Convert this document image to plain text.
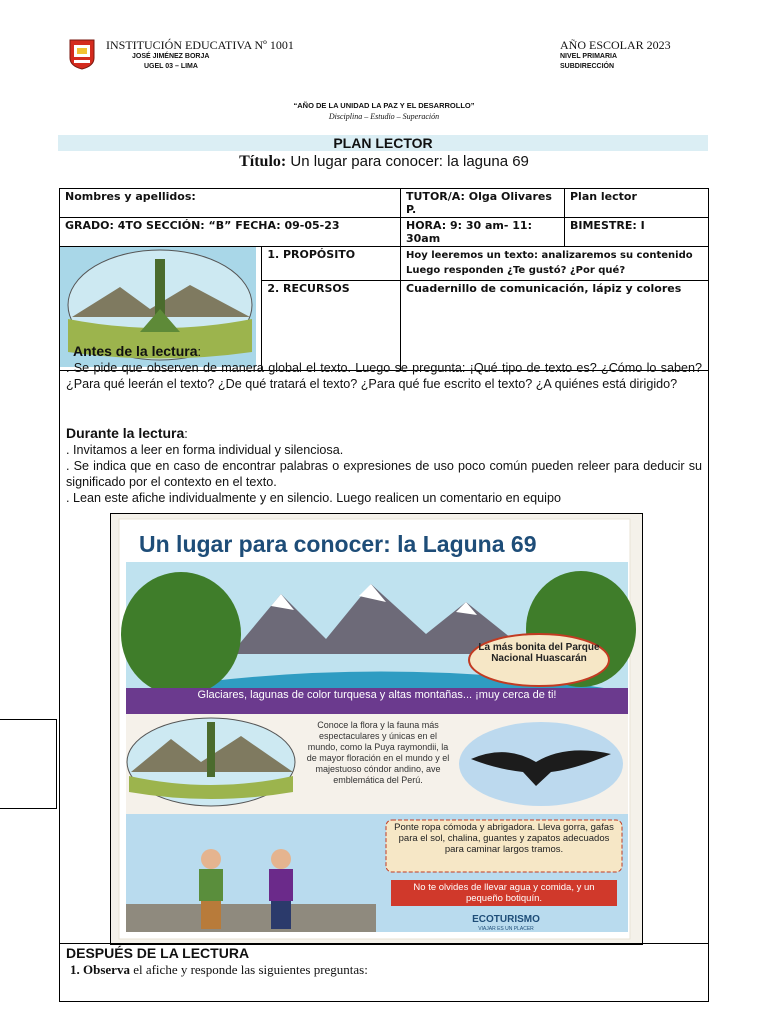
INSTITUCIÓN EDUCATIVA Nº 1001
JOSÉ JIMÉNEZ BORJA
UGEL 03 – LIMA
AÑO ESCOLAR 2023
NIVEL PRIMARIA
SUBDIRECCIÓN
“AÑO DE LA UNIDAD LA PAZ Y EL DESARROLLO”
Disciplina – Estudio – Superación
PLAN LECTOR
Título: Un lugar para conocer: la laguna 69
Nombres y apellidos:		TUTOR/A: Olga Olivares P.	Plan lector
GRADO: 4TO SECCIÓN: “B” FECHA: 09-05-23		HORA: 9: 30 am- 11: 30am	BIMESTRE: I
	1. PROPÓSITO	Hoy leeremos un texto: analizaremos su contenido
Luego responden ¿Te gustó? ¿Por qué?	

	2. RECURSOS	Cuadernillo de comunicación, lápiz y colores	
Antes de la lectura:
. Se pide que observen de manera global el texto. Luego se pregunta: ¡Qué tipo de texto es? ¿Cómo lo saben? ¿Para qué leerán el texto? ¿De qué tratará el texto? ¿Para qué fue escrito el texto? ¿A quiénes está dirigido?
Durante la lectura:
. Invitamos a leer en forma individual y silenciosa.
. Se indica que en caso de encontrar palabras o expresiones de uso poco común pueden releer para deducir su significado por el contexto en el texto.
. Lean este afiche individualmente y en silencio. Luego realicen un comentario en equipo
Un lugar para conocer: la Laguna 69
La más bonita del Parque Nacional Huascarán
Glaciares, lagunas de color turquesa y altas montañas... ¡muy cerca de ti!
Conoce la flora y la fauna más espectaculares y únicas en el mundo, como la Puya raymondii, la de mayor floración en el mundo y el majestuoso cóndor andino, ave emblemática del Perú.
Ponte ropa cómoda y abrigadora. Lleva gorra, gafas para el sol, chalina, guantes y zapatos adecuados para caminar largos tramos.
No te olvides de llevar agua y comida, y un pequeño botiquín.
ECOTURISMO
VIAJAR ES UN PLACER
DESPUÉS DE LA LECTURA
1. Observa el afiche y responde las siguientes preguntas:
